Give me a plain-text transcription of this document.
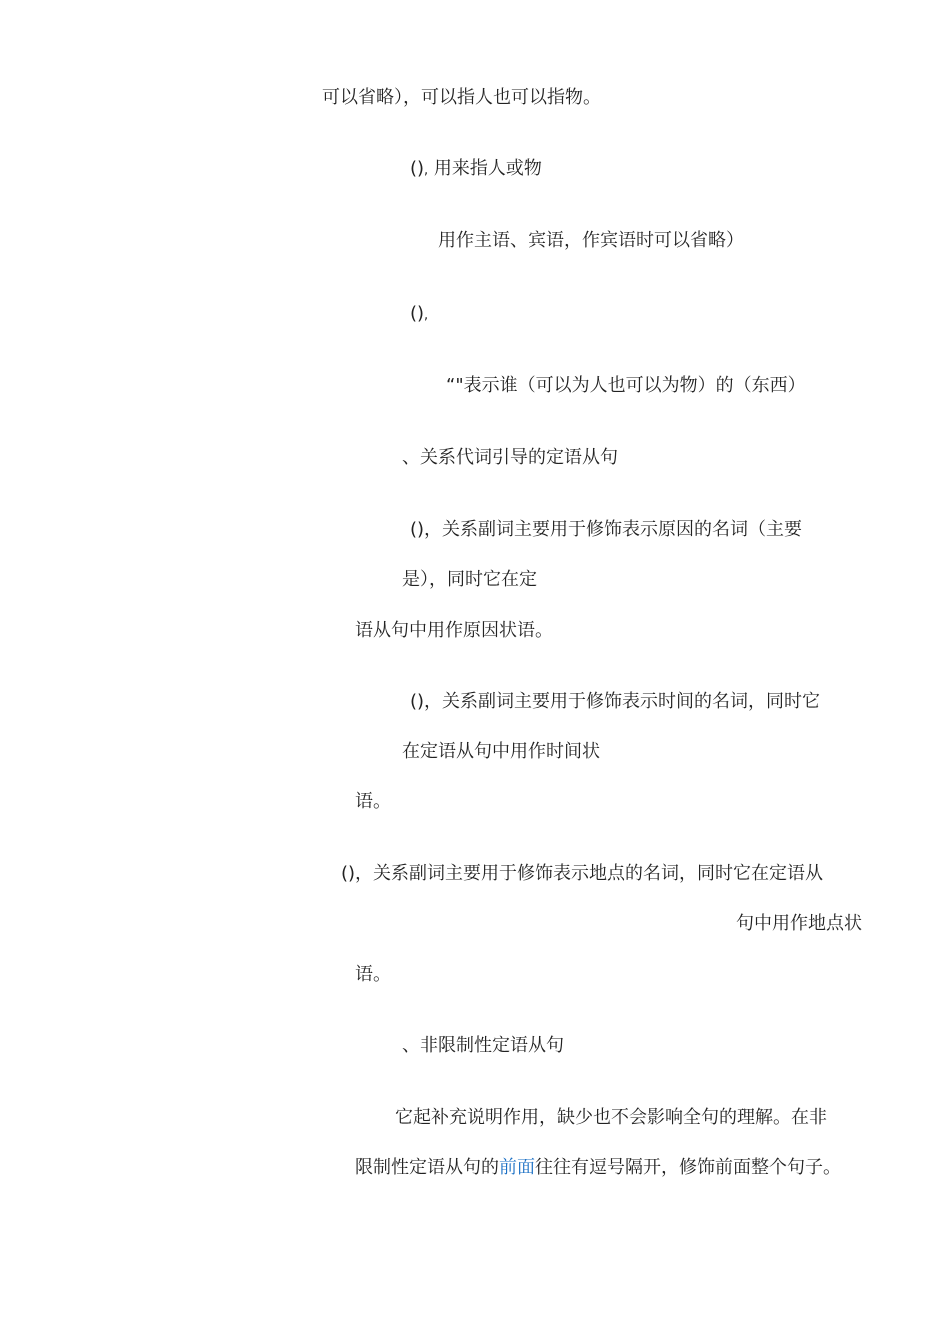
可以省略），可以指人也可以指物。
(), 用来指人或物
用作主语、宾语，作宾语时可以省略）
(),
“"表示谁（可以为人也可以为物）的（东西）
、关系代词引导的定语从句
()，关系副词主要用于修饰表示原因的名词（主要
是），同时它在定
语从句中用作原因状语。
()，关系副词主要用于修饰表示时间的名词，同时它
在定语从句中用作时间状
语。
()，关系副词主要用于修饰表示地点的名词，同时它在定语从
句中用作地点状
语。
、非限制性定语从句
它起补充说明作用，缺少也不会影响全句的理解。在非
限制性定语从句的前面往往有逗号隔开，修饰前面整个句子。
